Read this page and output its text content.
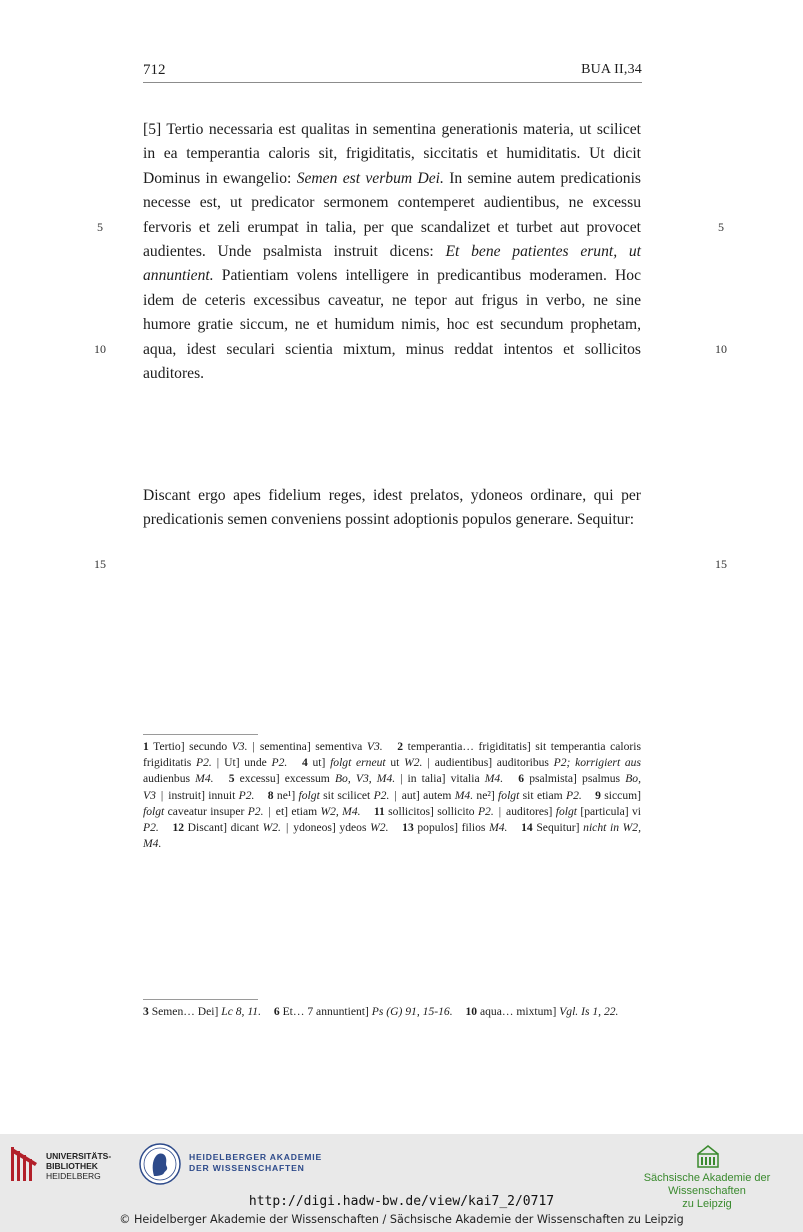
712	BUA II,34

[5] Tertio necessaria est qualitas in sementina generationis materia, ut scilicet in ea temperantia caloris sit, frigiditatis, siccitatis et humiditatis. Ut dicit Dominus in ewangelio: Semen est verbum Dei. In semine autem predicationis necesse est, ut predicator sermonem contemperet audientibus, ne excessu fervoris et zeli erumpat in talia, per que scandalizet et turbet aut provocet audientes. Unde psalmista instruit dicens: Et bene patientes erunt, ut annuntient. Patientiam volens intelligere in predicantibus moderamen. Hoc idem de ceteris excessibus caveatur, ne tepor aut frigus in verbo, ne sine humore gratie siccum, ne et humidum nimis, hoc est secundum prophetam, aqua, idest seculari scientia mixtum, minus reddat intentos et sollicitos auditores.

Discant ergo apes fidelium reges, idest prelatos, ydoneos ordinare, qui per predicationis semen conveniens possint adoptionis populos generare. Sequitur:

5	5
10	10
15	15
1 Tertio] secundo V3. | sementina] sementiva V3. 2 temperantia… frigiditatis] sit temperantia caloris frigiditatis P2. | Ut] unde P2. 4 ut] folgt erneut ut W2. | audientibus] auditoribus P2; korrigiert aus audienbus M4. 5 excessu] excessum Bo, V3, M4. | in talia] vitalia M4. 6 psalmista] psalmus Bo, V3 | instruit] innuit P2. 8 ne¹] folgt sit scilicet P2. | aut] autem M4. ne²] folgt sit etiam P2. 9 siccum] folgt caveatur insuper P2. | et] etiam W2, M4. 11 sollicitos] sollicito P2. | auditores] folgt [particula] vi P2. 12 Discant] dicant W2. | ydoneos] ydeos W2. 13 populos] filios M4. 14 Sequitur] nicht in W2, M4.
3 Semen… Dei] Lc 8, 11. 6 Et… 7 annuntient] Ps (G) 91, 15-16. 10 aqua… mixtum] Vgl. Is 1, 22.
UNIVERSITÄTS-
BIBLIOTHEK
HEIDELBERG
HEIDELBERGER AKADEMIE
DER WISSENSCHAFTEN
Sächsische Akademie der Wissenschaften
zu Leipzig
http://digi.hadw-bw.de/view/kai7_2/0717
© Heidelberger Akademie der Wissenschaften / Sächsische Akademie der Wissenschaften zu Leipzig
